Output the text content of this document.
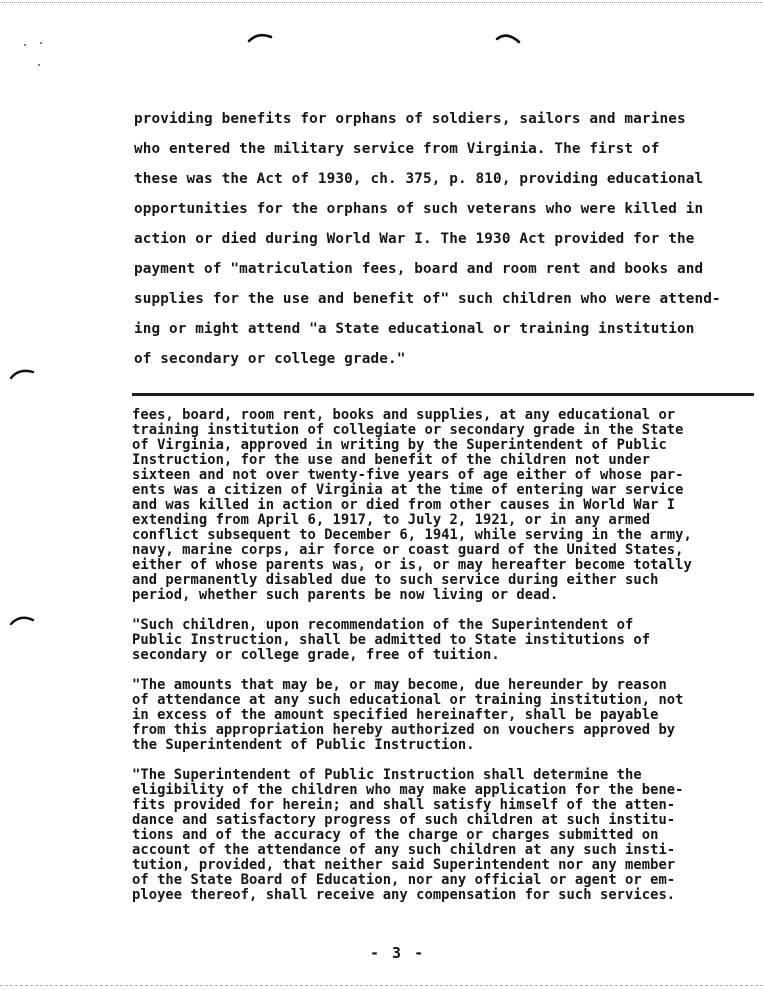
providing benefits for orphans of soldiers, sailors and marines

who entered the military service from Virginia. The first of

these was the Act of 1930, ch. 375, p. 810, providing educational

opportunities for the orphans of such veterans who were killed in

action or died during World War I. The 1930 Act provided for the

payment of "matriculation fees, board and room rent and books and

supplies for the use and benefit of" such children who were attend-

ing or might attend "a State educational or training institution

of secondary or college grade."

fees, board, room rent, books and supplies, at any educational or

training institution of collegiate or secondary grade in the State

of Virginia, approved in writing by the Superintendent of Public

Instruction, for the use and benefit of the children not under

sixteen and not over twenty-five years of age either of whose par-

ents was a citizen of Virginia at the time of entering war service

and was killed in action or died from other causes in World War I

extending from April 6, 1917, to July 2, 1921, or in any armed

conflict subsequent to December 6, 1941, while serving in the army,

navy, marine corps, air force or coast guard of the United States,

either of whose parents was, or is, or may hereafter become totally

and permanently disabled due to such service during either such

period, whether such parents be now living or dead.

"Such children, upon recommendation of the Superintendent of

Public Instruction, shall be admitted to State institutions of

secondary or college grade, free of tuition.

"The amounts that may be, or may become, due hereunder by reason

of attendance at any such educational or training institution, not

in excess of the amount specified hereinafter, shall be payable

from this appropriation hereby authorized on vouchers approved by

the Superintendent of Public Instruction.

"The Superintendent of Public Instruction shall determine the

eligibility of the children who may make application for the bene-

fits provided for herein; and shall satisfy himself of the atten-

dance and satisfactory progress of such children at such institu-

tions and of the accuracy of the charge or charges submitted on

account of the attendance of any such children at any such insti-

tution, provided, that neither said Superintendent nor any member

of the State Board of Education, nor any official or agent or em-

ployee thereof, shall receive any compensation for such services.

- 3 -
